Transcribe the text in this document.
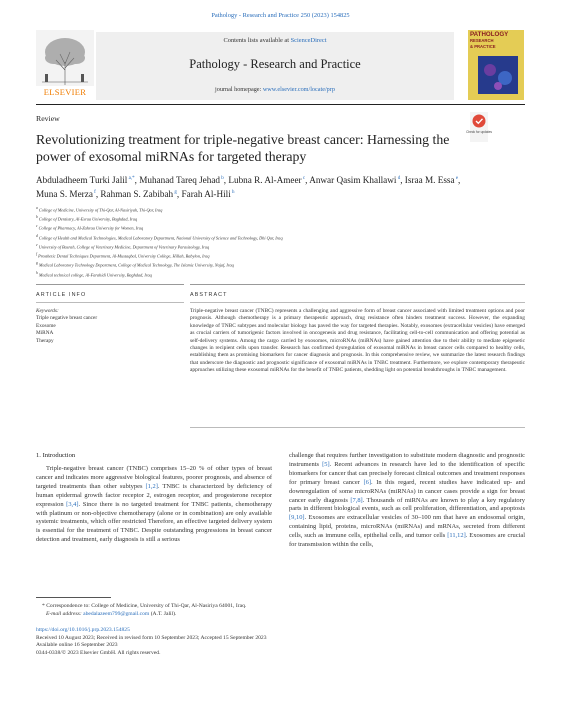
Pathology - Research and Practice 250 (2023) 154825
Contents lists available at ScienceDirect
Pathology - Research and Practice
journal homepage: www.elsevier.com/locate/prp
ELSEVIER
PATHOLOGY
RESEARCH
& PRACTICE
Review
Check for updates
Revolutionizing treatment for triple-negative breast cancer: Harnessing the power of exosomal miRNAs for targeted therapy
Abduladheem Turki Jalil $^{a,*}$, Muhanad Tareq Jehad $^b$, Lubna R. Al-Ameer $^c$, Anwar Qasim Khallawi $^d$, Israa M. Essa $^e$, Muna S. Merza $^f$, Rahman S. Zabibah $^g$, Farah Al-Hili $^h$
$^a$ College of Medicine, University of Thi-Qar, Al-Nasiriyah, Thi-Qar, Iraq
$^b$ College of Dentistry, Al-Esraa University, Baghdad, Iraq
$^c$ College of Pharmacy, Al-Zahraa University for Women, Iraq
$^d$ College of Health and Medical Technologies, Medical Laboratory Department, National University of Science and Technology, Dhi Qar, Iraq
$^e$ University of Basrah, College of Veterinary Medicine, Department of Veterinary Parasitology, Iraq
$^f$ Prosthetic Dental Techniques Department, Al-Mustaqbal, University College, Hillah, Babylon, Iraq
$^g$ Medical Laboratory Technology Department, College of Medical Technology, The Islamic University, Najaf, Iraq
$^h$ Medical technical college, Al-Farahidi University, Baghdad, Iraq
ARTICLE INFO	ABSTRACT
Keywords:
Triple negative breast cancer
Exosome
MiRNA
Therapy

Triple-negative breast cancer (TNBC) represents a challenging and aggressive form of breast cancer associated with limited treatment options and poor prognosis. Although chemotherapy is a primary therapeutic approach, drug resistance often hinders treatment success. However, the expanding knowledge of TNBC subtypes and molecular biology has paved the way for targeted therapies. Notably, exosomes (extracellular vesicles) have emerged as crucial carriers of tumorigenic factors involved in oncogenesis and drug resistance, facilitating cell-to-cell communication and offering potential as self-delivery systems. Among the cargo carried by exosomes, microRNAs (miRNAs) have gained attention due to their ability to mediate epigenetic changes in recipient cells upon transfer. Research has confirmed dysregulation of exosomal miRNAs in breast cancer cells compared to healthy cells, establishing them as promising biomarkers for cancer diagnosis and prognosis. In this comprehensive review, we summarize the latest research findings that underscore the diagnostic and prognostic significance of exosomal miRNAs in TNBC treatment. Furthermore, we explore contemporary therapeutic approaches utilizing these exosomal miRNAs for the benefit of TNBC patients, shedding light on potential breakthroughs in TNBC management.

1. Introduction

Triple-negative breast cancer (TNBC) comprises 15–20 % of other types of breast cancer and indicates more aggressive biological features, poorer prognosis, and absence of targeted treatments than other subtypes [1,2]. TNBC is characterized by deficiency of human epidermal growth factor receptor 2, estrogen receptor, and progesterone receptor expression [3,4]. Since there is no targeted treatment for TNBC patients, chemotherapy with platinum or non-objective chemotherapy (alone or in combination) are only available systemic treatments, which offer restricted Therefore, an effective targeted delivery system is essential for the treatment of TNBC. Despite outstanding progressions in breast cancer detection and treatment, early diagnosis is still a serious

challenge that requires further investigation to substitute modern diagnostic and prognostic instruments [5]. Recent advances in research have led to the identification of specific biomarkers for cancer that can precisely forecast clinical outcomes and treatment responses for primary breast cancer [6]. In this regard, recent studies have indicated up- and downregulation of some microRNAs (miRNAs) in cancer cases provide a sign for breast cancer early diagnosis [7,8]. Thousands of miRNAs are known to play a key regulatory parts in different biological events, such as cell proliferation, differentiation, and apoptosis [9,10]. Exosomes are extracellular vesicles of 30–100 nm that have an endosomal origin, containing lipid, proteins, microRNAs (miRNAs) and mRNAs, secreted from different cells, such as immune cells, epithelial cells, and tumor cells [11,12]. Exosomes are crucial for transmission within the cells,

* Correspondence to: College of Medicine, University of Thi-Qar, Al-Nasiriya 64001, Iraq.
E-mail address: abedalazeem799@gmail.com (A.T. Jalil).
https://doi.org/10.1016/j.prp.2023.154825
Received 10 August 2023; Received in revised form 10 September 2023; Accepted 15 September 2023
Available online 16 September 2023
0344-0338/© 2023 Elsevier GmbH. All rights reserved.
